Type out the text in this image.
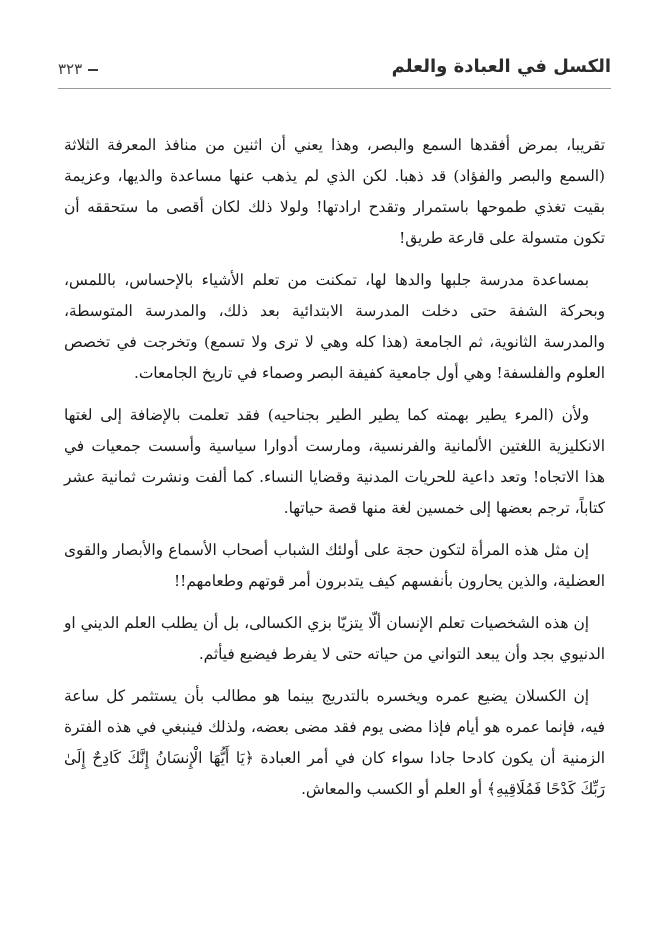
الكسل في العبادة والعلم
٣٢٣

تقريبا، بمرض أفقدها السمع والبصر، وهذا يعني أن اثنين من منافذ المعرفة الثلاثة (السمع والبصر والفؤاد) قد ذهبا. لكن الذي لم يذهب عنها مساعدة والديها، وعزيمة بقيت تغذي طموحها باستمرار وتقدح ارادتها! ولولا ذلك لكان أقصى ما ستحققه أن تكون متسولة على قارعة طريق!

بمساعدة مدرسة جلبها والدها لها، تمكنت من تعلم الأشياء بالإحساس، باللمس، وبحركة الشفة حتى دخلت المدرسة الابتدائية بعد ذلك، والمدرسة المتوسطة، والمدرسة الثانوية، ثم الجامعة (هذا كله وهي لا ترى ولا تسمع) وتخرجت في تخصص العلوم والفلسفة! وهي أول جامعية كفيفة البصر وصماء في تاريخ الجامعات.

ولأن (المرء يطير بهمته كما يطير الطير بجناحيه) فقد تعلمت بالإضافة إلى لغتها الانكليزية اللغتين الألمانية والفرنسية، ومارست أدوارا سياسية وأسست جمعيات في هذا الاتجاه! وتعد داعية للحريات المدنية وقضايا النساء. كما ألفت ونشرت ثمانية عشر كتاباً، ترجم بعضها إلى خمسين لغة منها قصة حياتها.

إن مثل هذه المرأة لتكون حجة على أولئك الشباب أصحاب الأسماع والأبصار والقوى العضلية، والذين يحارون بأنفسهم كيف يتدبرون أمر قوتهم وطعامهم!!

إن هذه الشخصيات تعلم الإنسان ألّا يتزيّا بزي الكسالى، بل أن يطلب العلم الديني او الدنيوي بجد وأن يبعد التواني من حياته حتى لا يفرط فيضيع فيأثم.

إن الكسلان يضيع عمره ويخسره بالتدريج بينما هو مطالب بأن يستثمر كل ساعة فيه، فإنما عمره هو أيام فإذا مضى يوم فقد مضى بعضه، ولذلك فينبغي في هذه الفترة الزمنية أن يكون كادحا جادا سواء كان في أمر العبادة ﴿يَا أَيُّهَا الْإِنسَانُ إِنَّكَ كَادِحٌ إِلَىٰ رَبِّكَ كَدْحًا فَمُلَاقِيهِ﴾ أو العلم أو الكسب والمعاش.
